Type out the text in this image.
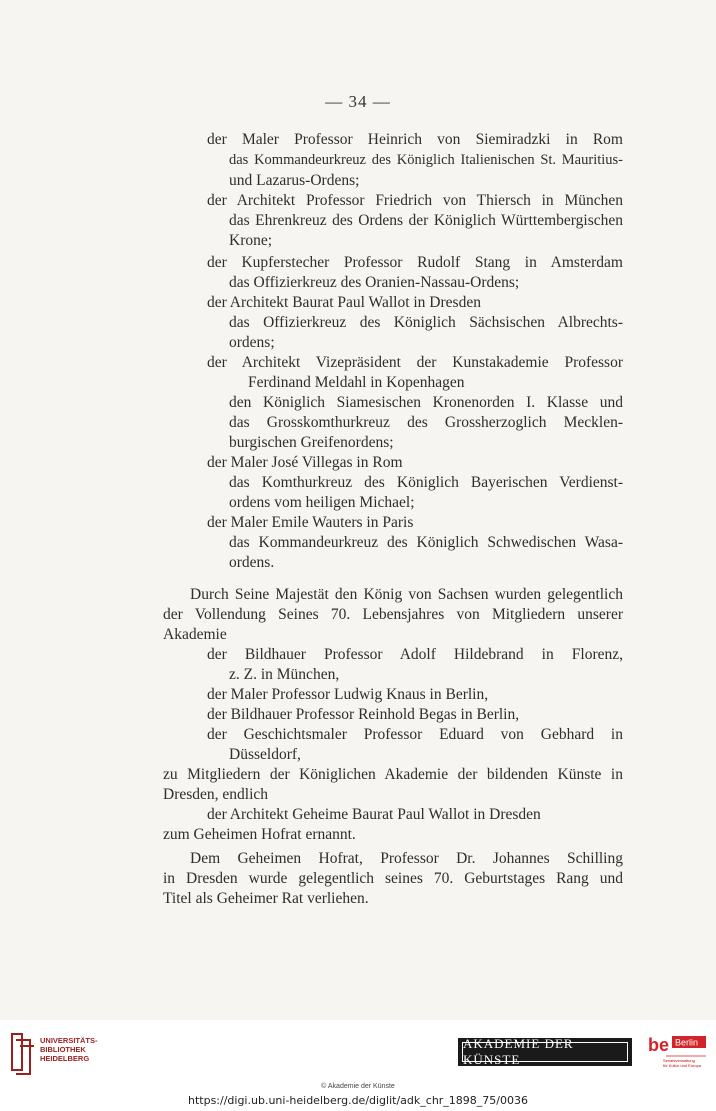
— 34 —
der Maler Professor Heinrich von Siemiradzki in Rom
das Kommandeurkreuz des Königlich Italienischen St. Mauritius-
und Lazarus-Ordens;
der Architekt Professor Friedrich von Thiersch in München
das Ehrenkreuz des Ordens der Königlich Württembergischen
Krone;
der Kupferstecher Professor Rudolf Stang in Amsterdam
das Offizierkreuz des Oranien-Nassau-Ordens;
der Architekt Baurat Paul Wallot in Dresden
das Offizierkreuz des Königlich Sächsischen Albrechts-
ordens;
der Architekt Vizepräsident der Kunstakademie Professor
Ferdinand Meldahl in Kopenhagen
den Königlich Siamesischen Kronenorden I. Klasse und
das Grosskomthurkreuz des Grossherzoglich Mecklen-
burgischen Greifenordens;
der Maler José Villegas in Rom
das Komthurkreuz des Königlich Bayerischen Verdienst-
ordens vom heiligen Michael;
der Maler Emile Wauters in Paris
das Kommandeurkreuz des Königlich Schwedischen Wasa-
ordens.
Durch Seine Majestät den König von Sachsen wurden gelegentlich
der Vollendung Seines 70. Lebensjahres von Mitgliedern unserer
Akademie
der Bildhauer Professor Adolf Hildebrand in Florenz,
z. Z. in München,
der Maler Professor Ludwig Knaus in Berlin,
der Bildhauer Professor Reinhold Begas in Berlin,
der Geschichtsmaler Professor Eduard von Gebhard in
Düsseldorf,
zu Mitgliedern der Königlichen Akademie der bildenden Künste in
Dresden, endlich
der Architekt Geheime Baurat Paul Wallot in Dresden
zum Geheimen Hofrat ernannt.
Dem Geheimen Hofrat, Professor Dr. Johannes Schilling
in Dresden wurde gelegentlich seines 70. Geburtstages Rang und
Titel als Geheimer Rat verliehen.
UNIVERSITÄTS-
BIBLIOTHEK
HEIDELBERG
AKADEMIE DER KÜNSTE
be Berlin
Senatsverwaltung
für Kultur und Europa
© Akademie der Künste
https://digi.ub.uni-heidelberg.de/diglit/adk_chr_1898_75/0036
